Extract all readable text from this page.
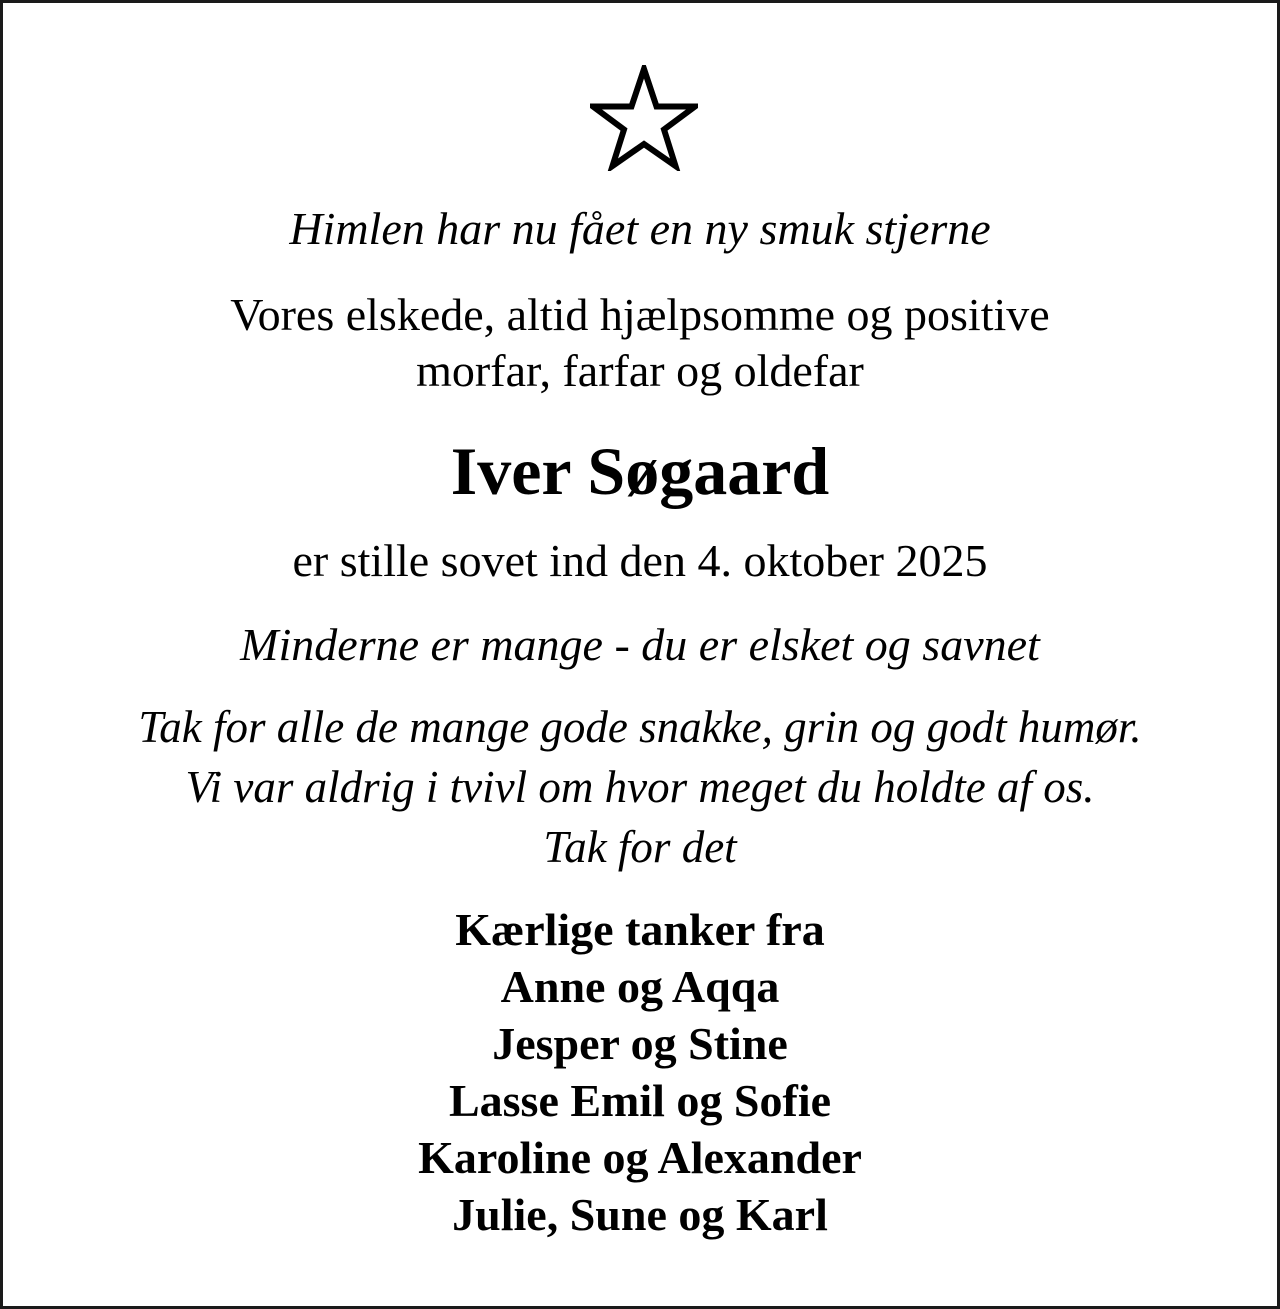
Himlen har nu fået en ny smuk stjerne
Vores elskede, altid hjælpsomme og positive
morfar, farfar og oldefar
Iver Søgaard
er stille sovet ind den 4. oktober 2025
Minderne er mange - du er elsket og savnet
Tak for alle de mange gode snakke, grin og godt humør.
Vi var aldrig i tvivl om hvor meget du holdte af os.
Tak for det
Kærlige tanker fra
Anne og Aqqa
Jesper og Stine
Lasse Emil og Sofie
Karoline og Alexander
Julie, Sune og Karl
